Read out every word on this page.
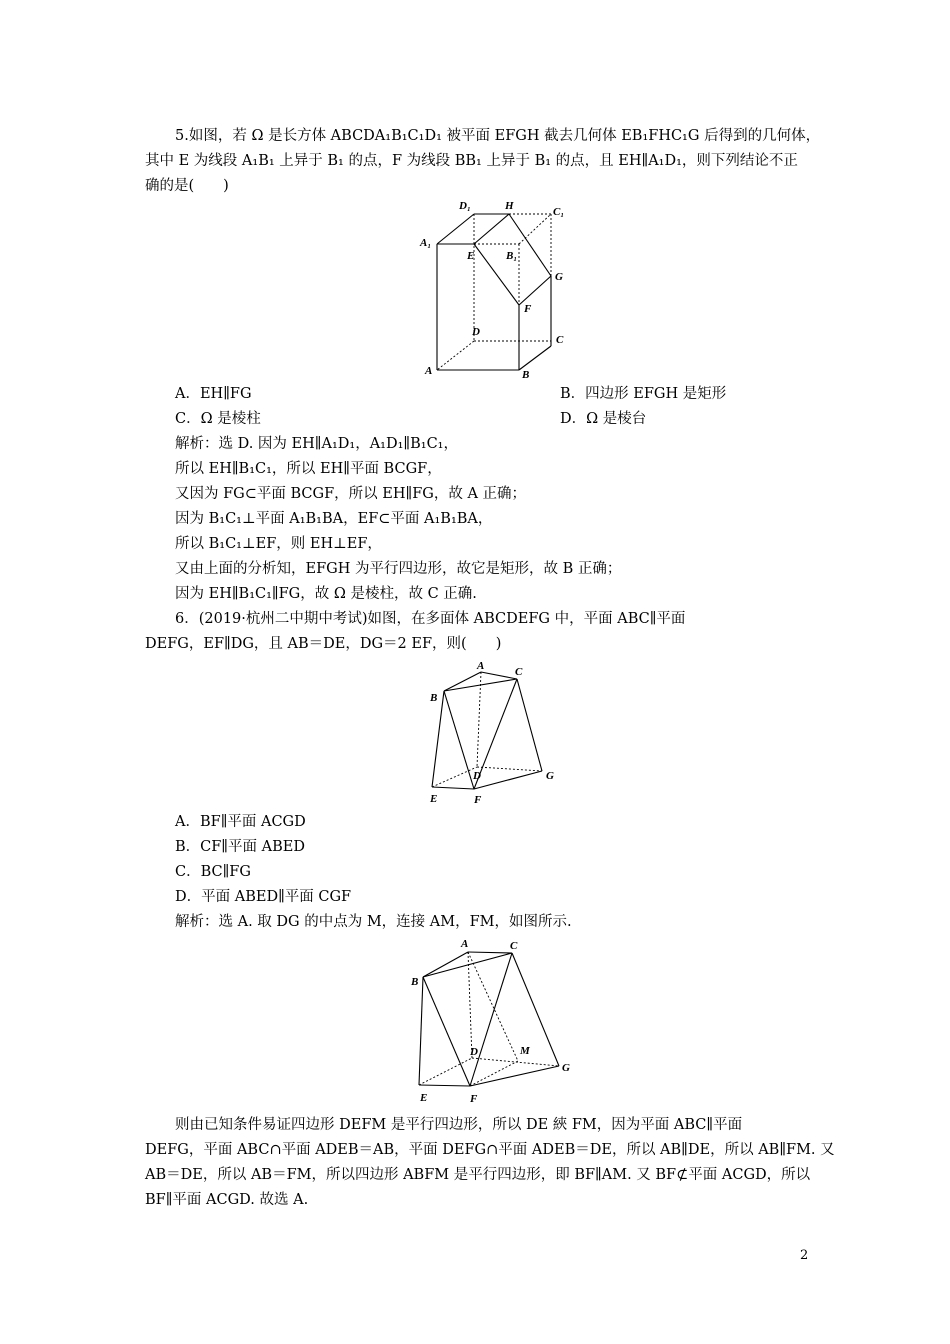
5.如图，若 Ω 是长方体 ABCDA₁B₁C₁D₁ 被平面 EFGH 截去几何体 EB₁FHC₁G 后得到的几何体，
其中 E 为线段 A₁B₁ 上异于 B₁ 的点，F 为线段 BB₁ 上异于 B₁ 的点，且 EH∥A₁D₁，则下列结论不正
确的是(　　)
D₁	H	C₁
A₁
E	B₁
G
F
D
C
A	B
A．EH∥FG	B．四边形 EFGH 是矩形
C．Ω 是棱柱	D．Ω 是棱台
解析：选 D. 因为 EH∥A₁D₁，A₁D₁∥B₁C₁，
所以 EH∥B₁C₁，所以 EH∥平面 BCGF，
又因为 FG⊂平面 BCGF，所以 EH∥FG，故 A 正确；
因为 B₁C₁⊥平面 A₁B₁BA，EF⊂平面 A₁B₁BA，
所以 B₁C₁⊥EF，则 EH⊥EF，
又由上面的分析知，EFGH 为平行四边形，故它是矩形，故 B 正确；
因为 EH∥B₁C₁∥FG，故 Ω 是棱柱，故 C 正确.
6．(2019·杭州二中期中考试)如图，在多面体 ABCDEFG 中，平面 ABC∥平面
DEFG，EF∥DG，且 AB＝DE，DG＝2 EF，则(　　)
A	C
B
D	G
E	F
A．BF∥平面 ACGD
B．CF∥平面 ABED
C．BC∥FG
D．平面 ABED∥平面 CGF
解析：选 A. 取 DG 的中点为 M，连接 AM，FM，如图所示.
A	C
B
D	M
G
E	F
则由已知条件易证四边形 DEFM 是平行四边形，所以 DE 綊 FM，因为平面 ABC∥平面
DEFG，平面 ABC∩平面 ADEB＝AB，平面 DEFG∩平面 ADEB＝DE，所以 AB∥DE，所以 AB∥FM. 又
AB＝DE，所以 AB＝FM，所以四边形 ABFM 是平行四边形，即 BF∥AM. 又 BF⊄平面 ACGD，所以
BF∥平面 ACGD. 故选 A.
2
